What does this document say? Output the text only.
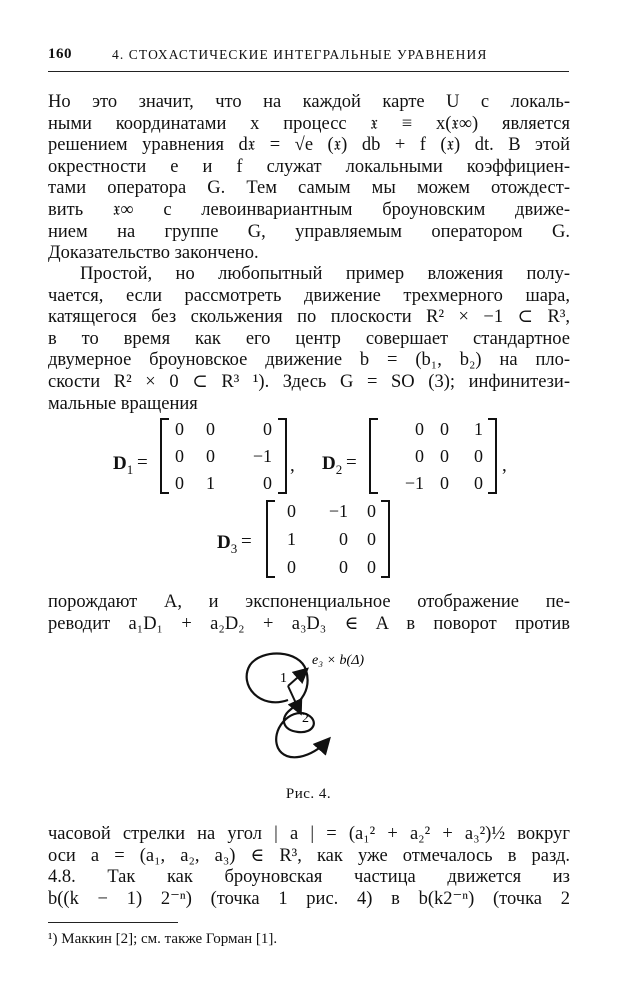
160	4. СТОХАСТИЧЕСКИЕ ИНТЕГРАЛЬНЫЕ УРАВНЕНИЯ

Но это значит, что на каждой карте U с локаль-

ными координатами x процесс 𝔵 ≡ x(𝔵∞) является

решением уравнения d𝔵 = √e (𝔵) db + f (𝔵) dt. В этой

окрестности e и f служат локальными коэффициен-

тами оператора G. Тем самым мы можем отождест-

вить 𝔵∞ с левоинвариантным броуновским движе-

нием на группе G, управляемым оператором G.

Доказательство закончено.

Простой, но любопытный пример вложения полу-

чается, если рассмотреть движение трехмерного шара,

катящегося без скольжения по плоскости R² × −1 ⊂ R³,

в то время как его центр совершает стандартное

двумерное броуновское движение b = (b₁, b₂) на пло-

скости R² × 0 ⊂ R³ ¹). Здесь G = SO (3); инфинитези-

мальные вращения

$D_1$ =
0 0	0
0 0	−1
0 1	0
, $D_2$ =
0 0 1
0 0 0
−1 0 0
,
$D_3$ =
0	−1	0
1	0	0
0	0	0

порождают A, и экспоненциальное отображение пе-

реводит a₁D₁ + a₂D₂ + a₃D₃ ∈ A в поворот против

e₃ × b(Δ)
1
2
Рис. 4.

часовой стрелки на угол | a | = (a₁² + a₂² + a₃²)½ вокруг

оси a = (a₁, a₂, a₃) ∈ R³, как уже отмечалось в разд.

4.8. Так как броуновская частица движется из

b((k − 1) 2⁻ⁿ) (точка 1 рис. 4) в b(k2⁻ⁿ) (точка 2

¹) Маккин [2]; см. также Горман [1].
